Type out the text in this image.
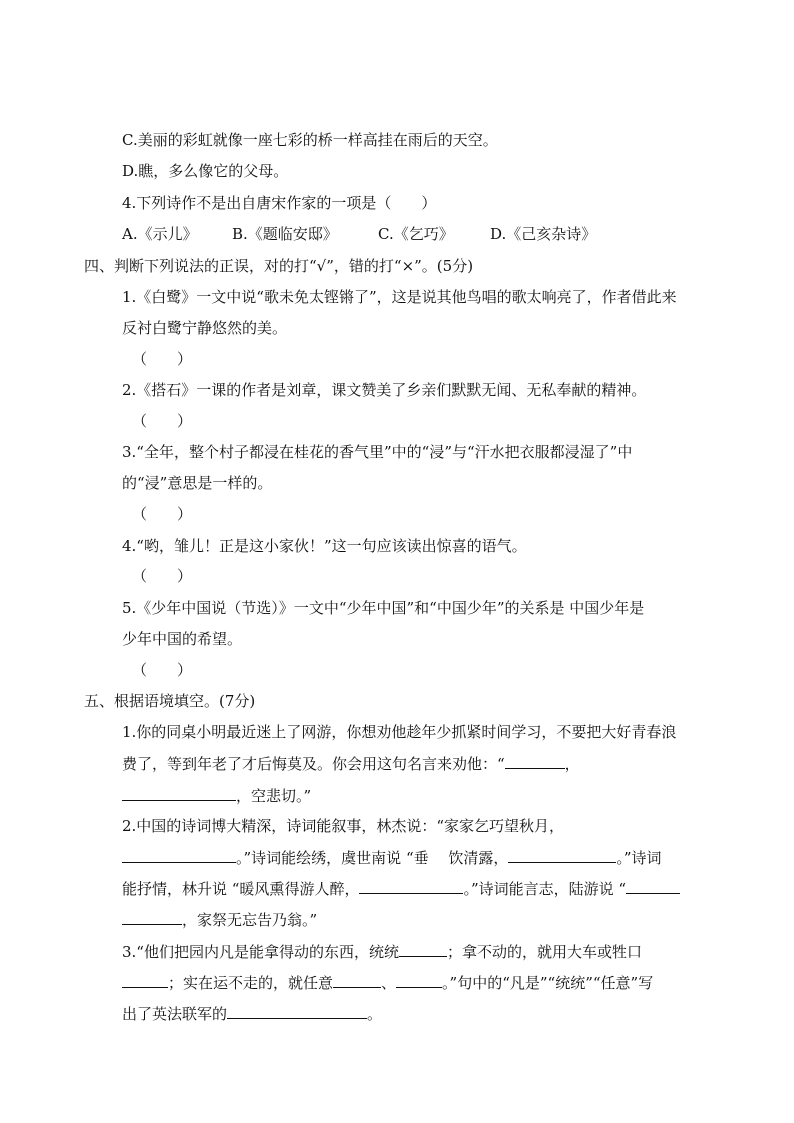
C.美丽的彩虹就像一座七彩的桥一样高挂在雨后的天空。
D.瞧，多么像它的父母。
4.下列诗作不是出自唐宋作家的一项是（　　）
A.《示儿》 B.《题临安邸》	C.《乞巧》 D.《己亥杂诗》
四、判断下列说法的正误，对的打“√”，错的打“×”。(5分)
1.《白鹭》一文中说“歌未免太铿锵了”，这是说其他鸟唱的歌太响亮了，作者借此来
反衬白鹭宁静悠然的美。
（　　）
2.《搭石》一课的作者是刘章，课文赞美了乡亲们默默无闻、无私奉献的精神。
（　　）
3.“全年，整个村子都浸在桂花的香气里”中的“浸”与“汗水把衣服都浸湿了”中
的“浸”意思是一样的。
（　　）
4.“哟，雏儿！正是这小家伙！”这一句应该读出惊喜的语气。
（　　）
5.《少年中国说（节选）》一文中“少年中国”和“中国少年”的关系是 中国少年是
少年中国的希望。
（　　）
五、根据语境填空。(7分)
1.你的同桌小明最近迷上了网游，你想劝他趁年少抓紧时间学习，不要把大好青春浪
费了，等到年老了才后悔莫及。你会用这句名言来劝他：“	，
，空悲切。”
2.中国的诗词博大精深，诗词能叙事，林杰说：“家家乞巧望秋月，
。”诗词能绘绣，虞世南说 “垂　 饮清露，	。”诗词
能抒情，林升说 “暖风熏得游人醉，	。”诗词能言志，陆游说 “
，家祭无忘告乃翁。”
3.“他们把园内凡是能拿得动的东西，统统	；拿不动的，就用大车或牲口
；实在运不走的，就任意	、	。”句中的“凡是”“统统”“任意”写
出了英法联军的	。
